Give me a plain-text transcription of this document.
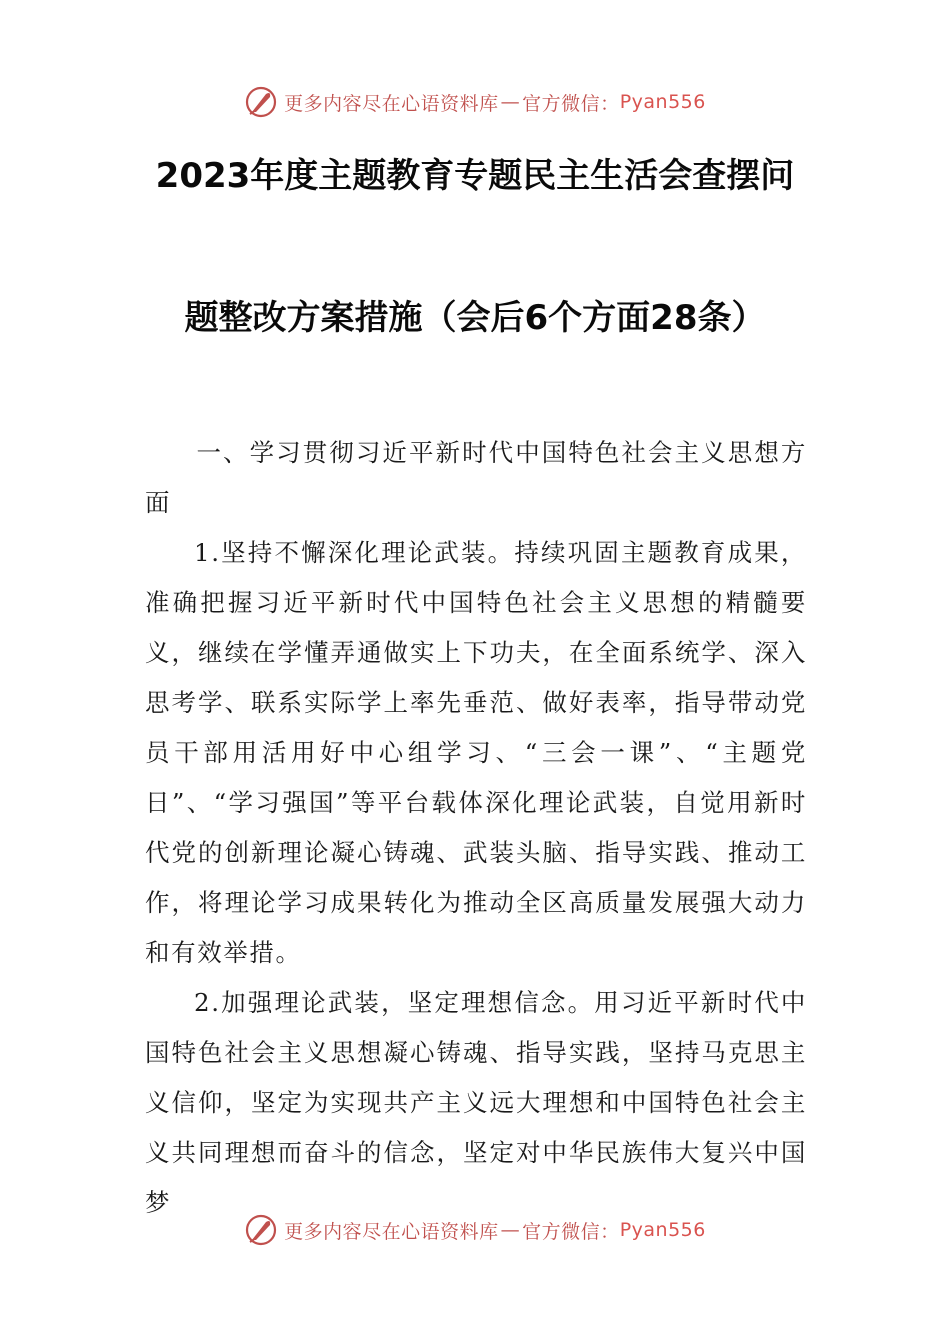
更多内容尽在心语资料库 — 官方微信： Pyan556
2023年度主题教育专题民主生活会查摆问
题整改方案措施（会后6个方面28条）

一、学习贯彻习近平新时代中国特色社会主义思想方面

1.坚持不懈深化理论武装。持续巩固主题教育成果，准确把握习近平新时代中国特色社会主义思想的精髓要义，继续在学懂弄通做实上下功夫，在全面系统学、深入思考学、联系实际学上率先垂范、做好表率，指导带动党员干部用活用好中心组学习、“三会一课”、“主题党日”、“学习强国”等平台载体深化理论武装，自觉用新时代党的创新理论凝心铸魂、武装头脑、指导实践、推动工作，将理论学习成果转化为推动全区高质量发展强大动力和有效举措。

2.加强理论武装，坚定理想信念。用习近平新时代中国特色社会主义思想凝心铸魂、指导实践，坚持马克思主义信仰，坚定为实现共产主义远大理想和中国特色社会主义共同理想而奋斗的信念，坚定对中华民族伟大复兴中国梦

更多内容尽在心语资料库 — 官方微信： Pyan556
